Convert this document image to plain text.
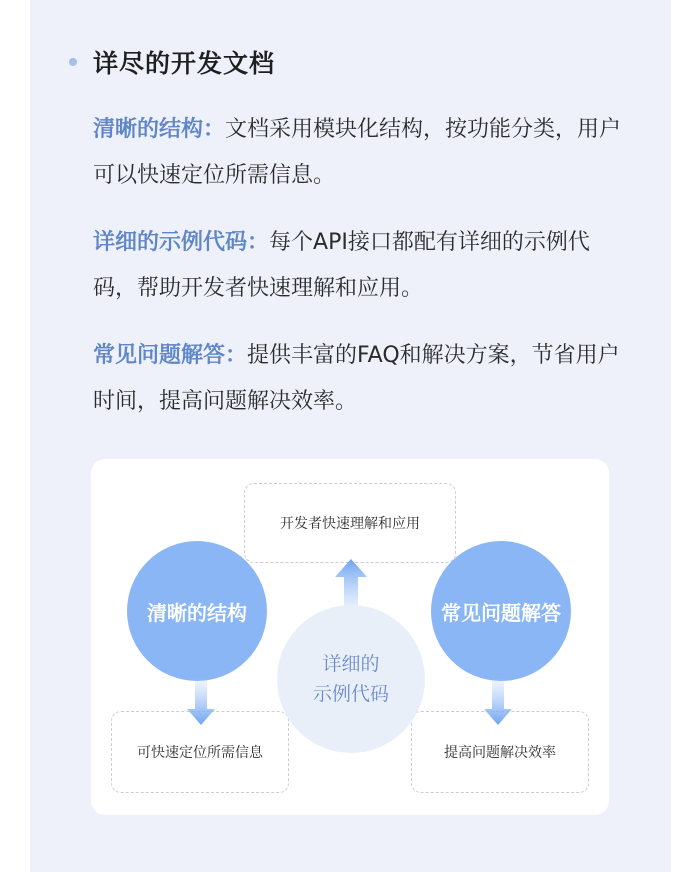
详尽的开发文档
清晰的结构：文档采用模块化结构，按功能分类，用户可以快速定位所需信息。
详细的示例代码：每个API接口都配有详细的示例代码，帮助开发者快速理解和应用。
常见问题解答：提供丰富的FAQ和解决方案，节省用户时间，提高问题解决效率。
开发者快速理解和应用
可快速定位所需信息	提高问题解决效率
详细的
示例代码
清晰的结构	常见问题解答
